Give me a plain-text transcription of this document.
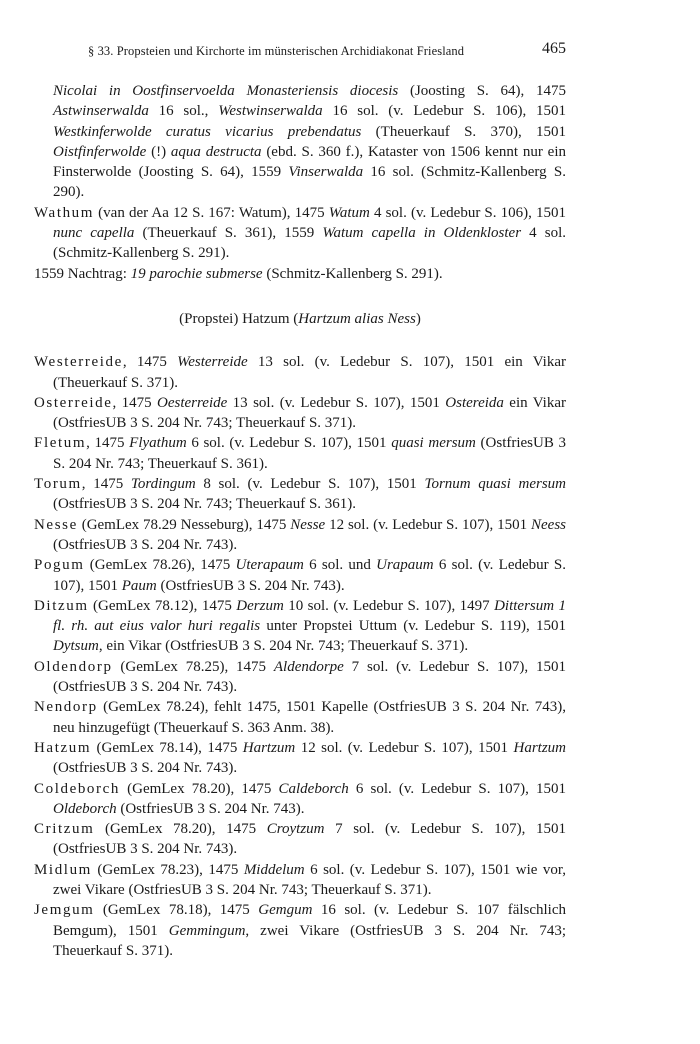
§ 33. Propsteien und Kirchorte im münsterischen Archidiakonat Friesland	465
Nicolai in Oostfinservoelda Monasteriensis diocesis (Joosting S. 64), 1475 Astwinserwalda 16 sol., Westwinserwalda 16 sol. (v. Ledebur S. 106), 1501 Westkinferwolde curatus vicarius prebendatus (Theuerkauf S. 370), 1501 Oistfinferwolde (!) aqua destructa (ebd. S. 360 f.), Kataster von 1506 kennt nur ein Finsterwolde (Joosting S. 64), 1559 Vinserwalda 16 sol. (Schmitz-Kallenberg S. 290).
Wathum (van der Aa 12 S. 167: Watum), 1475 Watum 4 sol. (v. Ledebur S. 106), 1501 nunc capella (Theuerkauf S. 361), 1559 Watum capella in Oldenkloster 4 sol. (Schmitz-Kallenberg S. 291).
1559 Nachtrag: 19 parochie submerse (Schmitz-Kallenberg S. 291).
(Propstei) Hatzum (Hartzum alias Ness)
Westerreide, 1475 Westerreide 13 sol. (v. Ledebur S. 107), 1501 ein Vikar (Theuerkauf S. 371).
Osterreide, 1475 Oesterreide 13 sol. (v. Ledebur S. 107), 1501 Ostereida ein Vikar (OstfriesUB 3 S. 204 Nr. 743; Theuerkauf S. 371).
Fletum, 1475 Flyathum 6 sol. (v. Ledebur S. 107), 1501 quasi mersum (OstfriesUB 3 S. 204 Nr. 743; Theuerkauf S. 361).
Torum, 1475 Tordingum 8 sol. (v. Ledebur S. 107), 1501 Tornum quasi mersum (OstfriesUB 3 S. 204 Nr. 743; Theuerkauf S. 361).
Nesse (GemLex 78.29 Nesseburg), 1475 Nesse 12 sol. (v. Ledebur S. 107), 1501 Neess (OstfriesUB 3 S. 204 Nr. 743).
Pogum (GemLex 78.26), 1475 Uterapaum 6 sol. und Urapaum 6 sol. (v. Ledebur S. 107), 1501 Paum (OstfriesUB 3 S. 204 Nr. 743).
Ditzum (GemLex 78.12), 1475 Derzum 10 sol. (v. Ledebur S. 107), 1497 Dittersum 1 fl. rh. aut eius valor huri regalis unter Propstei Uttum (v. Ledebur S. 119), 1501 Dytsum, ein Vikar (OstfriesUB 3 S. 204 Nr. 743; Theuerkauf S. 371).
Oldendorp (GemLex 78.25), 1475 Aldendorpe 7 sol. (v. Ledebur S. 107), 1501 (OstfriesUB 3 S. 204 Nr. 743).
Nendorp (GemLex 78.24), fehlt 1475, 1501 Kapelle (OstfriesUB 3 S. 204 Nr. 743), neu hinzugefügt (Theuerkauf S. 363 Anm. 38).
Hatzum (GemLex 78.14), 1475 Hartzum 12 sol. (v. Ledebur S. 107), 1501 Hartzum (OstfriesUB 3 S. 204 Nr. 743).
Coldeborch (GemLex 78.20), 1475 Caldeborch 6 sol. (v. Ledebur S. 107), 1501 Oldeborch (OstfriesUB 3 S. 204 Nr. 743).
Critzum (GemLex 78.20), 1475 Croytzum 7 sol. (v. Ledebur S. 107), 1501 (OstfriesUB 3 S. 204 Nr. 743).
Midlum (GemLex 78.23), 1475 Middelum 6 sol. (v. Ledebur S. 107), 1501 wie vor, zwei Vikare (OstfriesUB 3 S. 204 Nr. 743; Theuerkauf S. 371).
Jemgum (GemLex 78.18), 1475 Gemgum 16 sol. (v. Ledebur S. 107 fälschlich Bemgum), 1501 Gemmingum, zwei Vikare (OstfriesUB 3 S. 204 Nr. 743; Theuerkauf S. 371).
